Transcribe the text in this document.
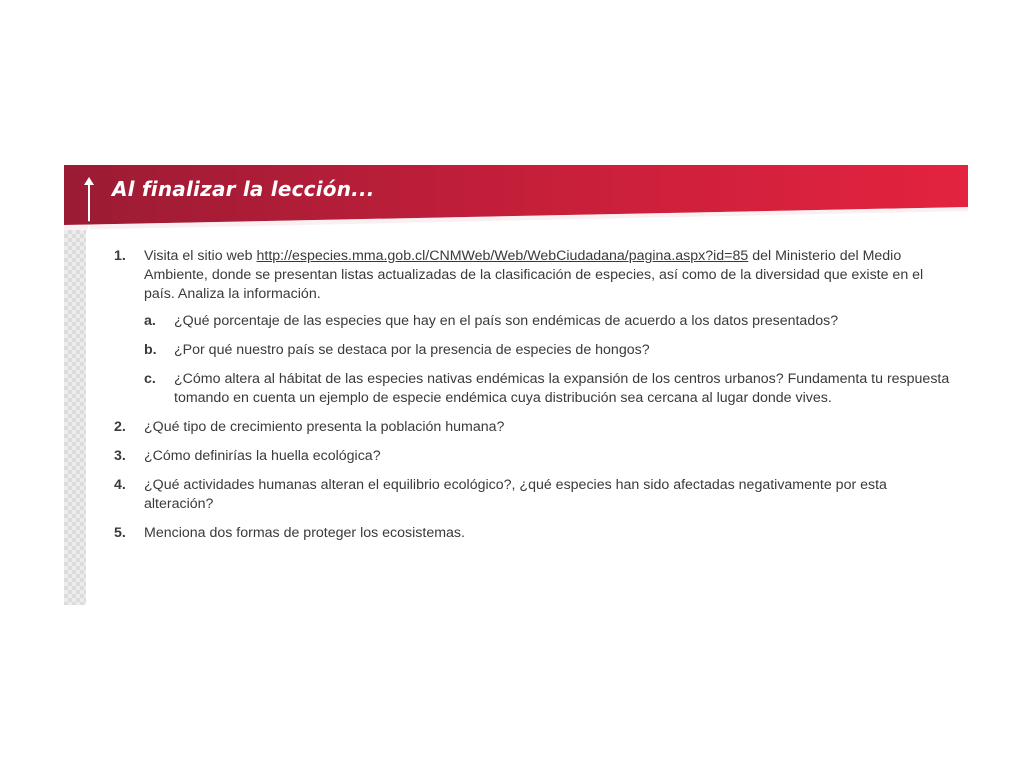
Al finalizar la lección...
1. Visita el sitio web http://especies.mma.gob.cl/CNMWeb/Web/WebCiudadana/pagina.aspx?id=85 del Ministerio del Medio Ambiente, donde se presentan listas actualizadas de la clasificación de especies, así como de la diversidad que existe en el país. Analiza la información.
a. ¿Qué porcentaje de las especies que hay en el país son endémicas de acuerdo a los datos presentados?
b. ¿Por qué nuestro país se destaca por la presencia de especies de hongos?
c. ¿Cómo altera al hábitat de las especies nativas endémicas la expansión de los centros urbanos? Fundamenta tu respuesta tomando en cuenta un ejemplo de especie endémica cuya distribución sea cercana al lugar donde vives.
2. ¿Qué tipo de crecimiento presenta la población humana?
3. ¿Cómo definirías la huella ecológica?
4. ¿Qué actividades humanas alteran el equilibrio ecológico?, ¿qué especies han sido afectadas negativamente por esta alteración?
5. Menciona dos formas de proteger los ecosistemas.
